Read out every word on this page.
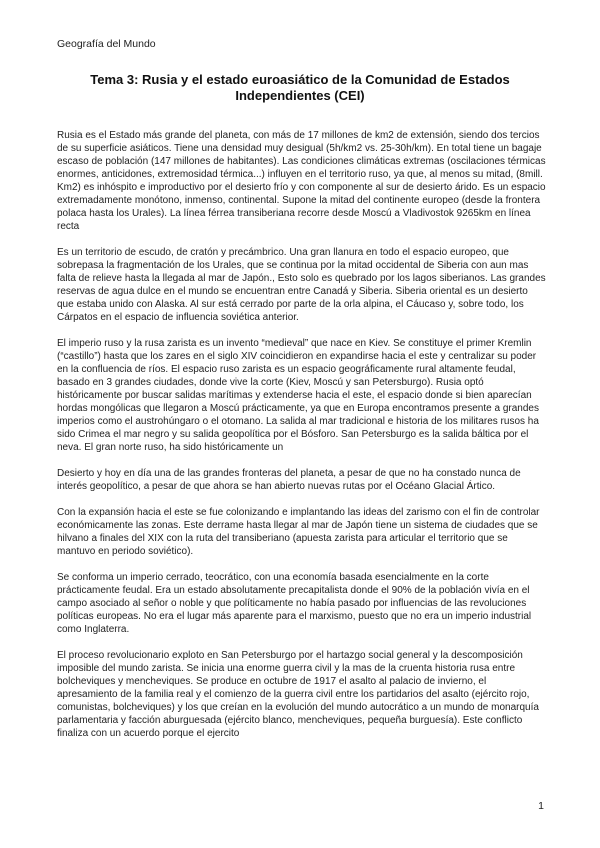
Geografía del Mundo
Tema 3: Rusia y el estado euroasiático de la Comunidad de Estados Independientes (CEI)

Rusia es el Estado más grande del planeta, con más de 17 millones de km2 de extensión, siendo dos tercios de su superficie asiáticos. Tiene una densidad muy desigual (5h/km2 vs. 25-30h/km). En total tiene un bagaje escaso de población (147 millones de habitantes). Las condiciones climáticas extremas (oscilaciones térmicas enormes, anticidones, extremosidad térmica...) influyen en el territorio ruso, ya que, al menos su mitad, (8mill. Km2) es inhóspito e improductivo por el desierto frío y con componente al sur de desierto árido. Es un espacio extremadamente monótono, inmenso, continental. Supone la mitad del continente europeo (desde la frontera polaca hasta los Urales). La línea férrea transiberiana recorre desde Moscú a Vladivostok 9265km en línea recta

Es un territorio de escudo, de cratón y precámbrico. Una gran llanura en todo el espacio europeo, que sobrepasa la fragmentación de los Urales, que se continua por la mitad occidental de Siberia con aun mas falta de relieve hasta la llegada al mar de Japón., Esto solo es quebrado por los lagos siberianos. Las grandes reservas de agua dulce en el mundo se encuentran entre Canadá y Siberia. Siberia oriental es un desierto que estaba unido con Alaska. Al sur está cerrado por parte de la orla alpina, el Cáucaso y, sobre todo, los Cárpatos en el espacio de influencia soviética anterior.

El imperio ruso y la rusa zarista es un invento “medieval” que nace en Kiev. Se constituye el primer Kremlin (“castillo”) hasta que los zares en el siglo XIV coincidieron en expandirse hacia el este y centralizar su poder en la confluencia de ríos. El espacio ruso zarista es un espacio geográficamente rural altamente feudal, basado en 3 grandes ciudades, donde vive la corte (Kiev, Moscú y san Petersburgo). Rusia optó históricamente por buscar salidas marítimas y extenderse hacia el este, el espacio donde si bien aparecían hordas mongólicas que llegaron a Moscú prácticamente, ya que en Europa encontramos presente a grandes imperios como el austrohúngaro o el otomano. La salida al mar tradicional e historia de los militares rusos ha sido Crimea el mar negro y su salida geopolítica por el Bósforo. San Petersburgo es la salida báltica por el neva. El gran norte ruso, ha sido históricamente un

Desierto y hoy en día una de las grandes fronteras del planeta, a pesar de que no ha constado nunca de interés geopolítico, a pesar de que ahora se han abierto nuevas rutas por el Océano Glacial Ártico.

Con la expansión hacia el este se fue colonizando e implantando las ideas del zarismo con el fin de controlar económicamente las zonas. Este derrame hasta llegar al mar de Japón tiene un sistema de ciudades que se hilvano a finales del XIX con la ruta del transiberiano (apuesta zarista para articular el territorio que se mantuvo en periodo soviético).

Se conforma un imperio cerrado, teocrático, con una economía basada esencialmente en la corte prácticamente feudal. Era un estado absolutamente precapitalista donde el 90% de la población vivía en el campo asociado al señor o noble y que políticamente no había pasado por influencias de las revoluciones políticas europeas. No era el lugar más aparente para el marxismo, puesto que no era un imperio industrial como Inglaterra.

El proceso revolucionario exploto en San Petersburgo por el hartazgo social general y la descomposición imposible del mundo zarista. Se inicia una enorme guerra civil y la mas de la cruenta historia rusa entre bolcheviques y mencheviques. Se produce en octubre de 1917 el asalto al palacio de invierno, el apresamiento de la familia real y el comienzo de la guerra civil entre los partidarios del asalto (ejército rojo, comunistas, bolcheviques) y los que creían en la evolución del mundo autocrático a un mundo de monarquía parlamentaria y facción aburguesada (ejército blanco, mencheviques, pequeña burguesía). Este conflicto finaliza con un acuerdo porque el ejercito

1
